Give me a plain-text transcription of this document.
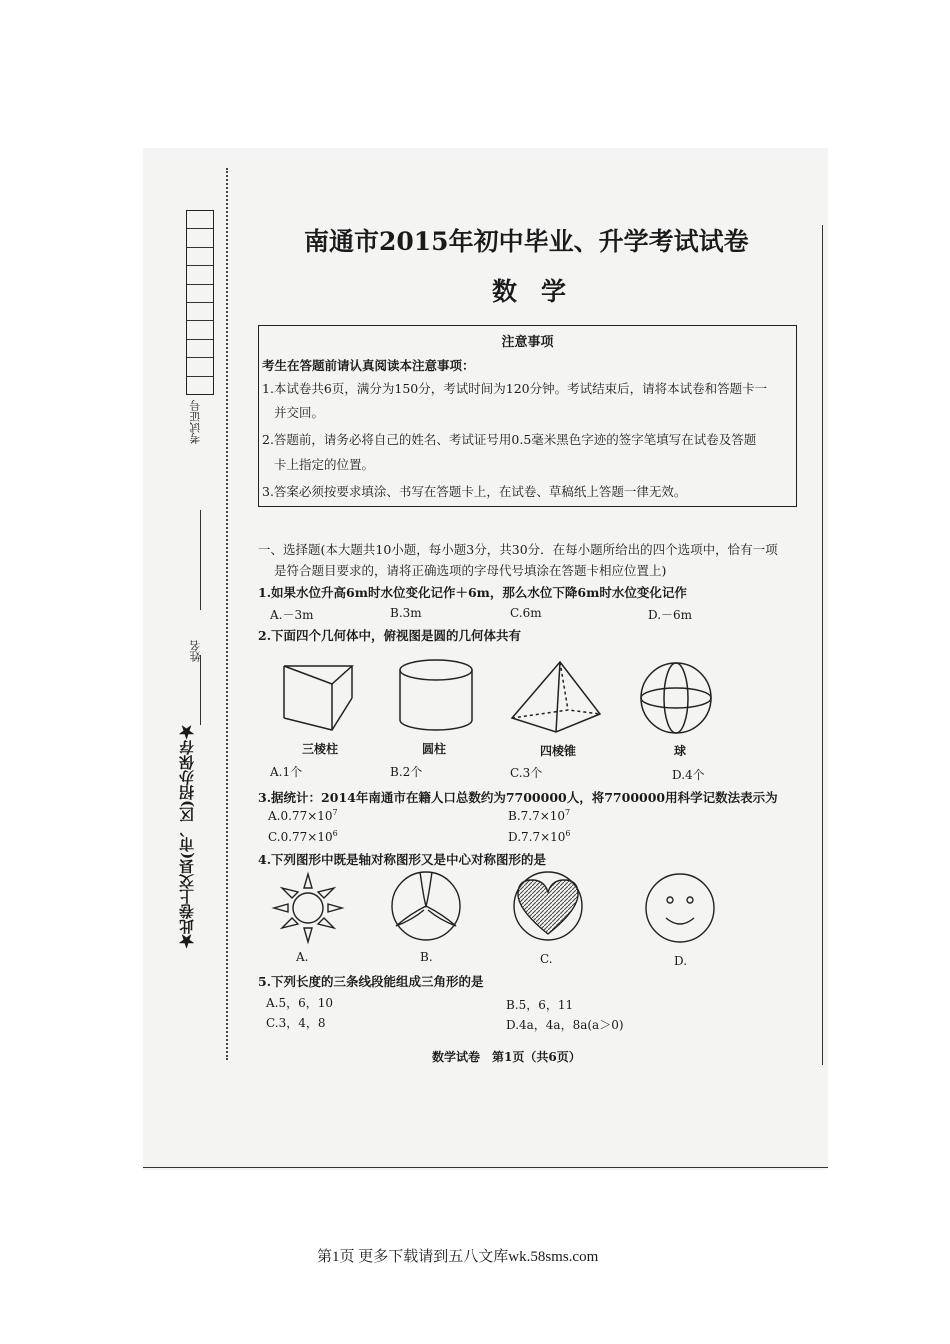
考试证号
姓名
★此卷上交县(市、区)招办保存★
南通市2015年初中毕业、升学考试试卷
数学
注意事项
考生在答题前请认真阅读本注意事项：
1.本试卷共6页，满分为150分，考试时间为120分钟。考试结束后，请将本试卷和答题卡一
并交回。
2.答题前，请务必将自己的姓名、考试证号用0.5毫米黑色字迹的签字笔填写在试卷及答题
卡上指定的位置。
3.答案必须按要求填涂、书写在答题卡上，在试卷、草稿纸上答题一律无效。
一、选择题(本大题共10小题，每小题3分，共30分．在每小题所给出的四个选项中，恰有一项
是符合题目要求的，请将正确选项的字母代号填涂在答题卡相应位置上)
1.如果水位升高6m时水位变化记作＋6m，那么水位下降6m时水位变化记作
A.－3m	B.3m	C.6m	D.－6m
2.下面四个几何体中，俯视图是圆的几何体共有
三棱柱	圆柱	四棱锥	球
A.1个	B.2个	C.3个	D.4个
3.据统计：2014年南通市在籍人口总数约为7700000人，将7700000用科学记数法表示为
$A.0.77\times 10^7$	$B.7.7\times 10^7$
$C.0.77\times 10^6$	$D.7.7\times 10^6$
4.下列图形中既是轴对称图形又是中心对称图形的是
A.	B.	C.	D.
5.下列长度的三条线段能组成三角形的是
A.5，6，10	B.5，6，11
C.3，4，8	D.4a，4a，8a(a＞0)
数学试卷　第1页（共6页）
第1页 更多下载请到五八文库wk.58sms.com
